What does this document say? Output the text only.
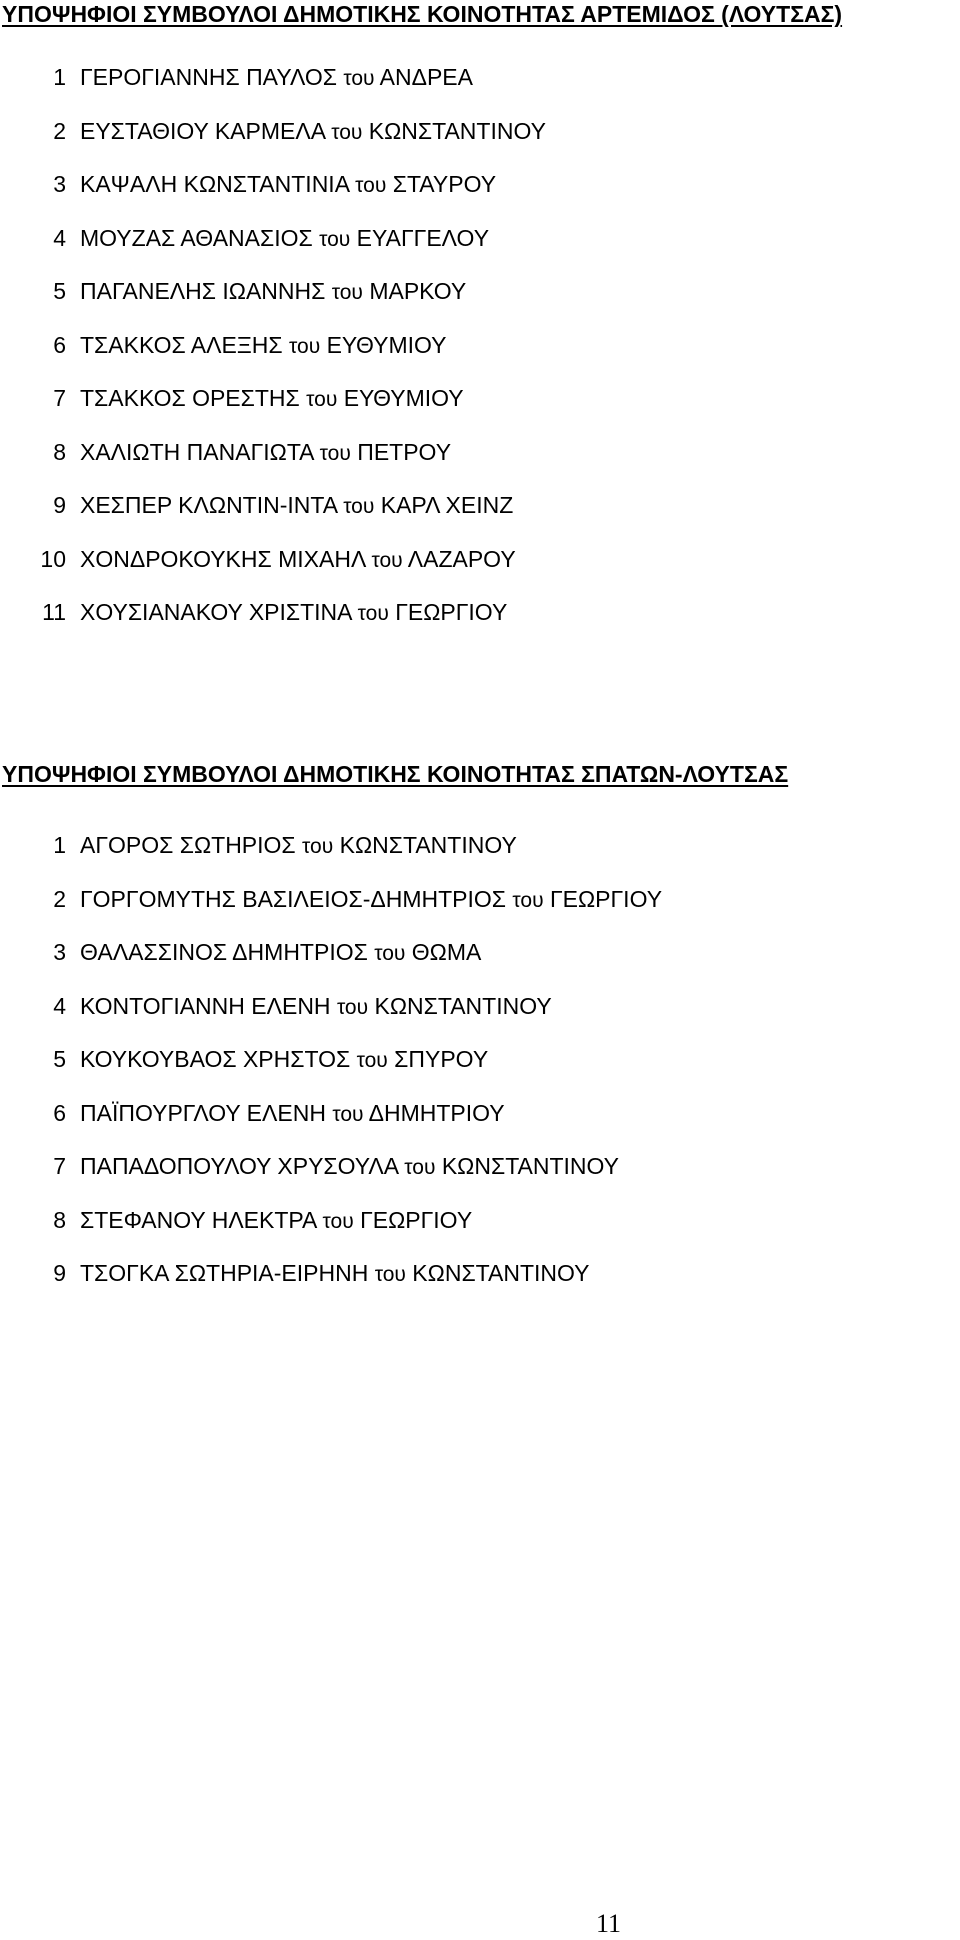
ΥΠΟΨΗΦΙΟΙ ΣΥΜΒΟΥΛΟΙ ΔΗΜΟΤΙΚΗΣ ΚΟΙΝΟΤΗΤΑΣ ΑΡΤΕΜΙΔΟΣ (ΛΟΥΤΣΑΣ)
1 ΓΕΡΟΓΙΑΝΝΗΣ ΠΑΥΛΟΣ του ΑΝΔΡΕΑ
2 ΕΥΣΤΑΘΙΟΥ ΚΑΡΜΕΛΑ του ΚΩΝΣΤΑΝΤΙΝΟΥ
3 ΚΑΨΑΛΗ ΚΩΝΣΤΑΝΤΙΝΙΑ του ΣΤΑΥΡΟΥ
4 ΜΟΥΖΑΣ ΑΘΑΝΑΣΙΟΣ του ΕΥΑΓΓΕΛΟΥ
5 ΠΑΓΑΝΕΛΗΣ ΙΩΑΝΝΗΣ του ΜΑΡΚΟΥ
6 ΤΣΑΚΚΟΣ ΑΛΕΞΗΣ του ΕΥΘΥΜΙΟΥ
7 ΤΣΑΚΚΟΣ ΟΡΕΣΤΗΣ του ΕΥΘΥΜΙΟΥ
8 ΧΑΛΙΩΤΗ ΠΑΝΑΓΙΩΤΑ του ΠΕΤΡΟΥ
9 ΧΕΣΠΕΡ ΚΛΩΝΤΙΝ-ΙΝΤΑ του ΚΑΡΛ ΧΕΙΝΖ
10 ΧΟΝΔΡΟΚΟΥΚΗΣ ΜΙΧΑΗΛ του ΛΑΖΑΡΟΥ
11 ΧΟΥΣΙΑΝΑΚΟΥ ΧΡΙΣΤΙΝΑ του ΓΕΩΡΓΙΟΥ
ΥΠΟΨΗΦΙΟΙ ΣΥΜΒΟΥΛΟΙ ΔΗΜΟΤΙΚΗΣ ΚΟΙΝΟΤΗΤΑΣ ΣΠΑΤΩΝ-ΛΟΥΤΣΑΣ
1 ΑΓΟΡΟΣ ΣΩΤΗΡΙΟΣ του ΚΩΝΣΤΑΝΤΙΝΟΥ
2 ΓΟΡΓΟΜΥΤΗΣ ΒΑΣΙΛΕΙΟΣ-ΔΗΜΗΤΡΙΟΣ του ΓΕΩΡΓΙΟΥ
3 ΘΑΛΑΣΣΙΝΟΣ ΔΗΜΗΤΡΙΟΣ του ΘΩΜΑ
4 ΚΟΝΤΟΓΙΑΝΝΗ ΕΛΕΝΗ του ΚΩΝΣΤΑΝΤΙΝΟΥ
5 ΚΟΥΚΟΥΒΑΟΣ ΧΡΗΣΤΟΣ του ΣΠΥΡΟΥ
6 ΠΑΪΠΟΥΡΓΛΟΥ ΕΛΕΝΗ του ΔΗΜΗΤΡΙΟΥ
7 ΠΑΠΑΔΟΠΟΥΛΟΥ ΧΡΥΣΟΥΛΑ του ΚΩΝΣΤΑΝΤΙΝΟΥ
8 ΣΤΕΦΑΝΟΥ ΗΛΕΚΤΡΑ του ΓΕΩΡΓΙΟΥ
9 ΤΣΟΓΚΑ ΣΩΤΗΡΙΑ-ΕΙΡΗΝΗ του ΚΩΝΣΤΑΝΤΙΝΟΥ
11
